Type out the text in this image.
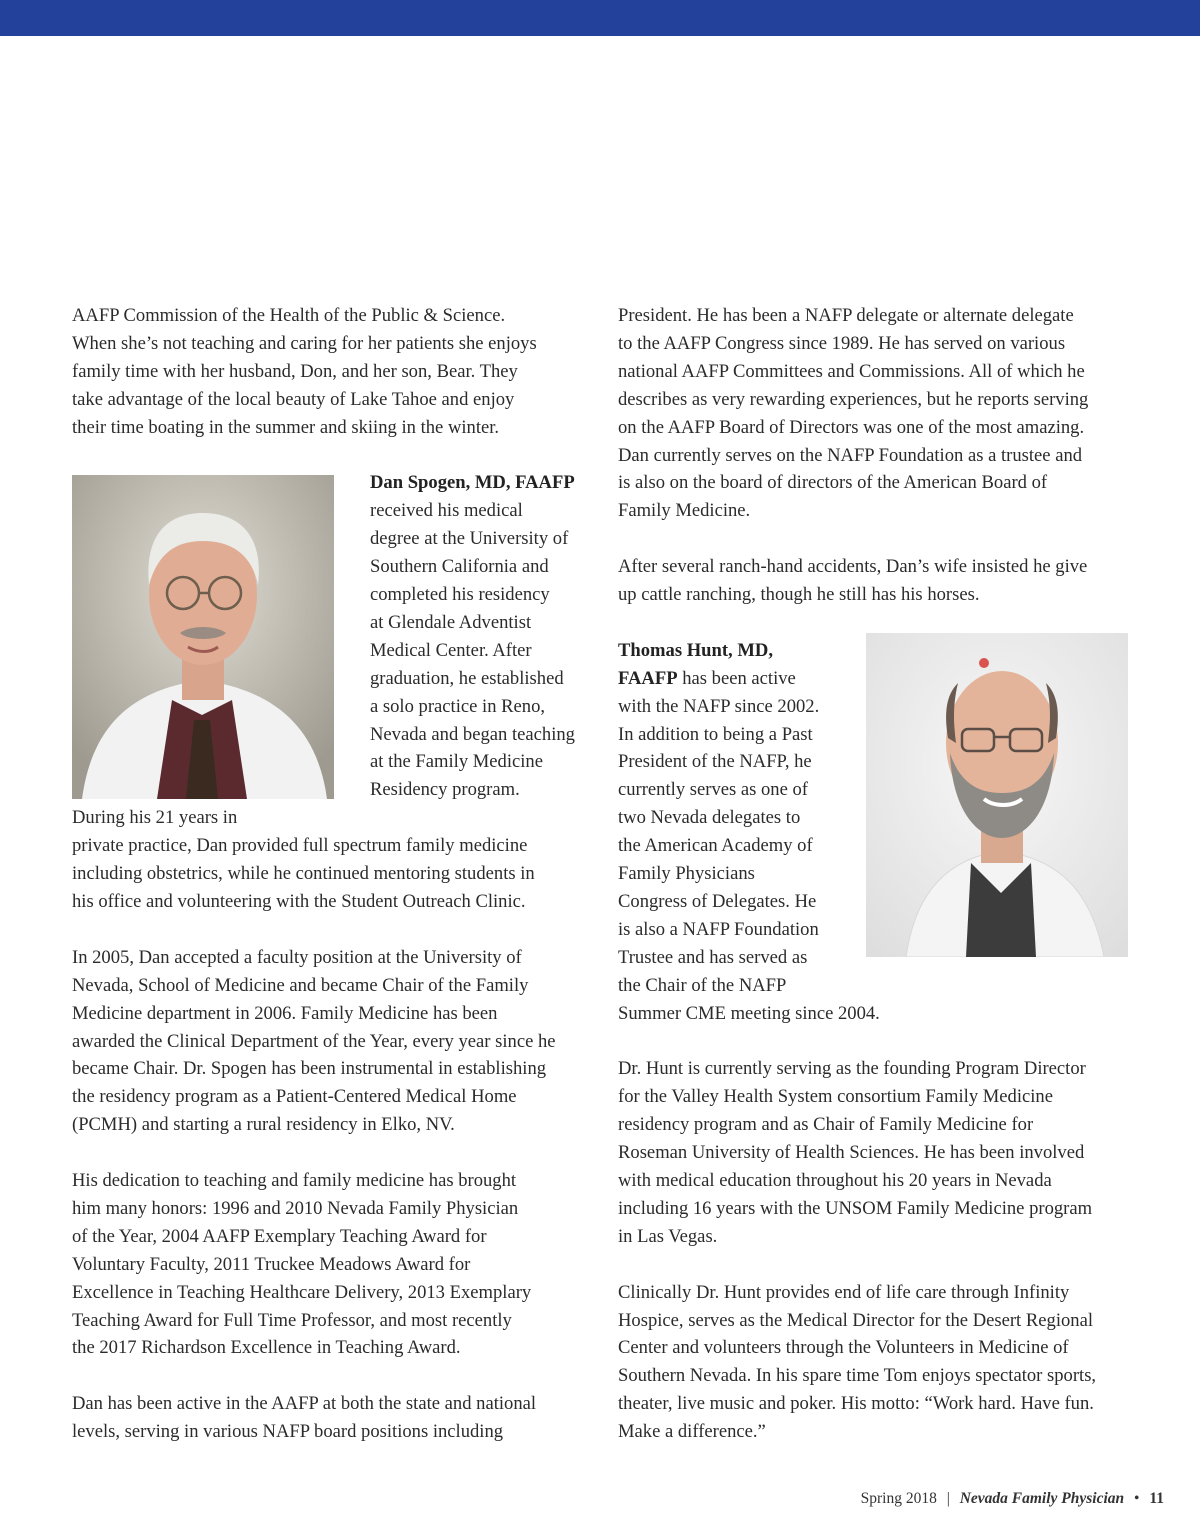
AAFP Commission of the Health of the Public & Science.
When she’s not teaching and caring for her patients she enjoys
family time with her husband, Don, and her son, Bear. They
take advantage of the local beauty of Lake Tahoe and enjoy
their time boating in the summer and skiing in the winter.

Dan Spogen, MD, FAAFP
received his medical
degree at the University of
Southern California and
completed his residency
at Glendale Adventist
Medical Center. After
graduation, he established
a solo practice in Reno,
Nevada and began teaching
at the Family Medicine
Residency program.
During his 21 years in
private practice, Dan provided full spectrum family medicine
including obstetrics, while he continued mentoring students in
his office and volunteering with the Student Outreach Clinic.

In 2005, Dan accepted a faculty position at the University of
Nevada, School of Medicine and became Chair of the Family
Medicine department in 2006. Family Medicine has been
awarded the Clinical Department of the Year, every year since he
became Chair. Dr. Spogen has been instrumental in establishing
the residency program as a Patient-Centered Medical Home
(PCMH) and starting a rural residency in Elko, NV.

His dedication to teaching and family medicine has brought
him many honors: 1996 and 2010 Nevada Family Physician
of the Year, 2004 AAFP Exemplary Teaching Award for
Voluntary Faculty, 2011 Truckee Meadows Award for
Excellence in Teaching Healthcare Delivery, 2013 Exemplary
Teaching Award for Full Time Professor, and most recently
the 2017 Richardson Excellence in Teaching Award.

Dan has been active in the AAFP at both the state and national
levels, serving in various NAFP board positions including

President. He has been a NAFP delegate or alternate delegate
to the AAFP Congress since 1989. He has served on various
national AAFP Committees and Commissions. All of which he
describes as very rewarding experiences, but he reports serving
on the AAFP Board of Directors was one of the most amazing.
Dan currently serves on the NAFP Foundation as a trustee and
is also on the board of directors of the American Board of
Family Medicine.

After several ranch-hand accidents, Dan’s wife insisted he give
up cattle ranching, though he still has his horses.

Thomas Hunt, MD,
FAAFP has been active
with the NAFP since 2002.
In addition to being a Past
President of the NAFP, he
currently serves as one of
two Nevada delegates to
the American Academy of
Family Physicians
Congress of Delegates. He
is also a NAFP Foundation
Trustee and has served as
the Chair of the NAFP
Summer CME meeting since 2004.

Dr. Hunt is currently serving as the founding Program Director
for the Valley Health System consortium Family Medicine
residency program and as Chair of Family Medicine for
Roseman University of Health Sciences. He has been involved
with medical education throughout his 20 years in Nevada
including 16 years with the UNSOM Family Medicine program
in Las Vegas.

Clinically Dr. Hunt provides end of life care through Infinity
Hospice, serves as the Medical Director for the Desert Regional
Center and volunteers through the Volunteers in Medicine of
Southern Nevada. In his spare time Tom enjoys spectator sports,
theater, live music and poker. His motto: “Work hard. Have fun.
Make a difference.”

Spring 2018 | Nevada Family Physician • 11
